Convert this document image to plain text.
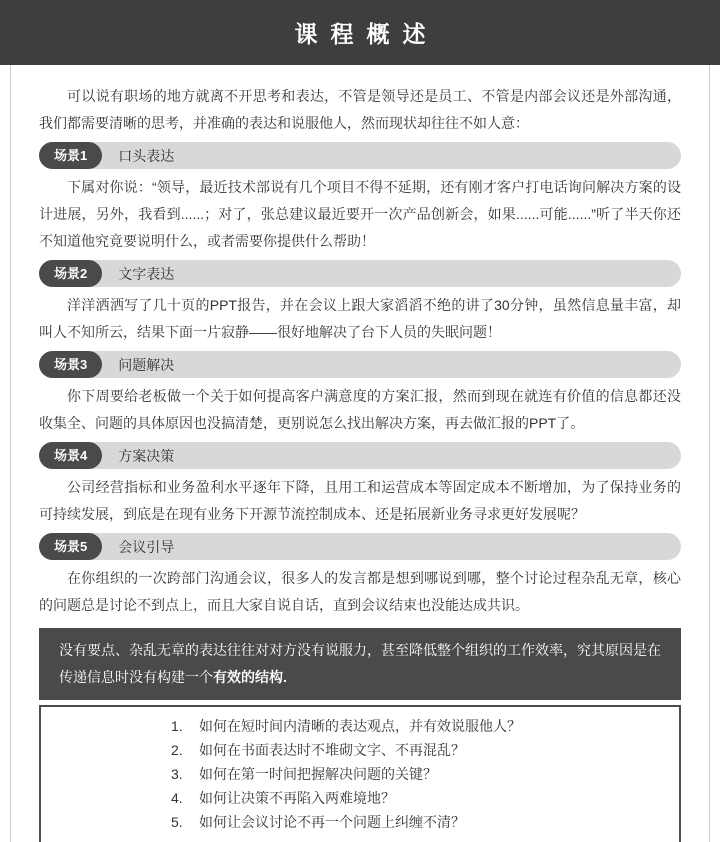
课程概述

可以说有职场的地方就离不开思考和表达，不管是领导还是员工、不管是内部会议还是外部沟通，我们都需要清晰的思考，并准确的表达和说服他人，然而现状却往往不如人意：

场景1	口头表达

下属对你说：“领导，最近技术部说有几个项目不得不延期，还有刚才客户打电话询问解决方案的设计进展，另外，我看到......；对了，张总建议最近要开一次产品创新会，如果......可能......”听了半天你还不知道他究竟要说明什么，或者需要你提供什么帮助！

场景2	文字表达

洋洋洒洒写了几十页的PPT报告，并在会议上跟大家滔滔不绝的讲了30分钟，虽然信息量丰富，却叫人不知所云，结果下面一片寂静——很好地解决了台下人员的失眠问题！

场景3	问题解决

你下周要给老板做一个关于如何提高客户满意度的方案汇报，然而到现在就连有价值的信息都还没收集全、问题的具体原因也没搞清楚，更别说怎么找出解决方案，再去做汇报的PPT了。

场景4	方案决策

公司经营指标和业务盈利水平逐年下降，且用工和运营成本等固定成本不断增加，为了保持业务的可持续发展，到底是在现有业务下开源节流控制成本、还是拓展新业务寻求更好发展呢？

场景5	会议引导

在你组织的一次跨部门沟通会议，很多人的发言都是想到哪说到哪，整个讨论过程杂乱无章，核心的问题总是讨论不到点上，而且大家自说自话，直到会议结束也没能达成共识。

没有要点、杂乱无章的表达往往对对方没有说服力，甚至降低整个组织的工作效率，究其原因是在传递信息时没有构建一个有效的结构.
1.	如何在短时间内清晰的表达观点，并有效说服他人？
2.	如何在书面表达时不堆砌文字、不再混乱？
3.	如何在第一时间把握解决问题的关键？
4.	如何让决策不再陷入两难境地？
5.	如何让会议讨论不再一个问题上纠缠不清？
